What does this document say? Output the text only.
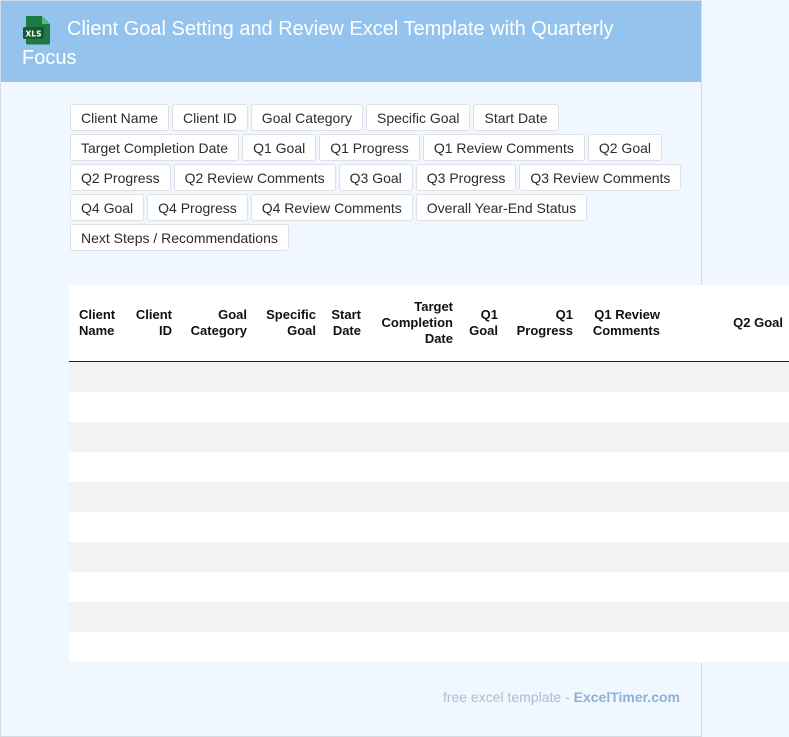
XLS	Client Goal Setting and Review Excel Template with Quarterly Focus
Client Name	Client ID	Goal Category	Specific Goal	Start Date
Target Completion Date	Q1 Goal	Q1 Progress	Q1 Review Comments	Q2 Goal
Q2 Progress	Q2 Review Comments	Q3 Goal	Q3 Progress	Q3 Review Comments
Q4 Goal	Q4 Progress	Q4 Review Comments	Overall Year-End Status
Next Steps / Recommendations
Client Name	Client ID	Goal Category	Specific Goal	Start Date	Target Completion Date	Q1 Goal	Q1 Progress	Q1 Review Comments	Q2 Goal

free excel template - ExcelTimer.com
